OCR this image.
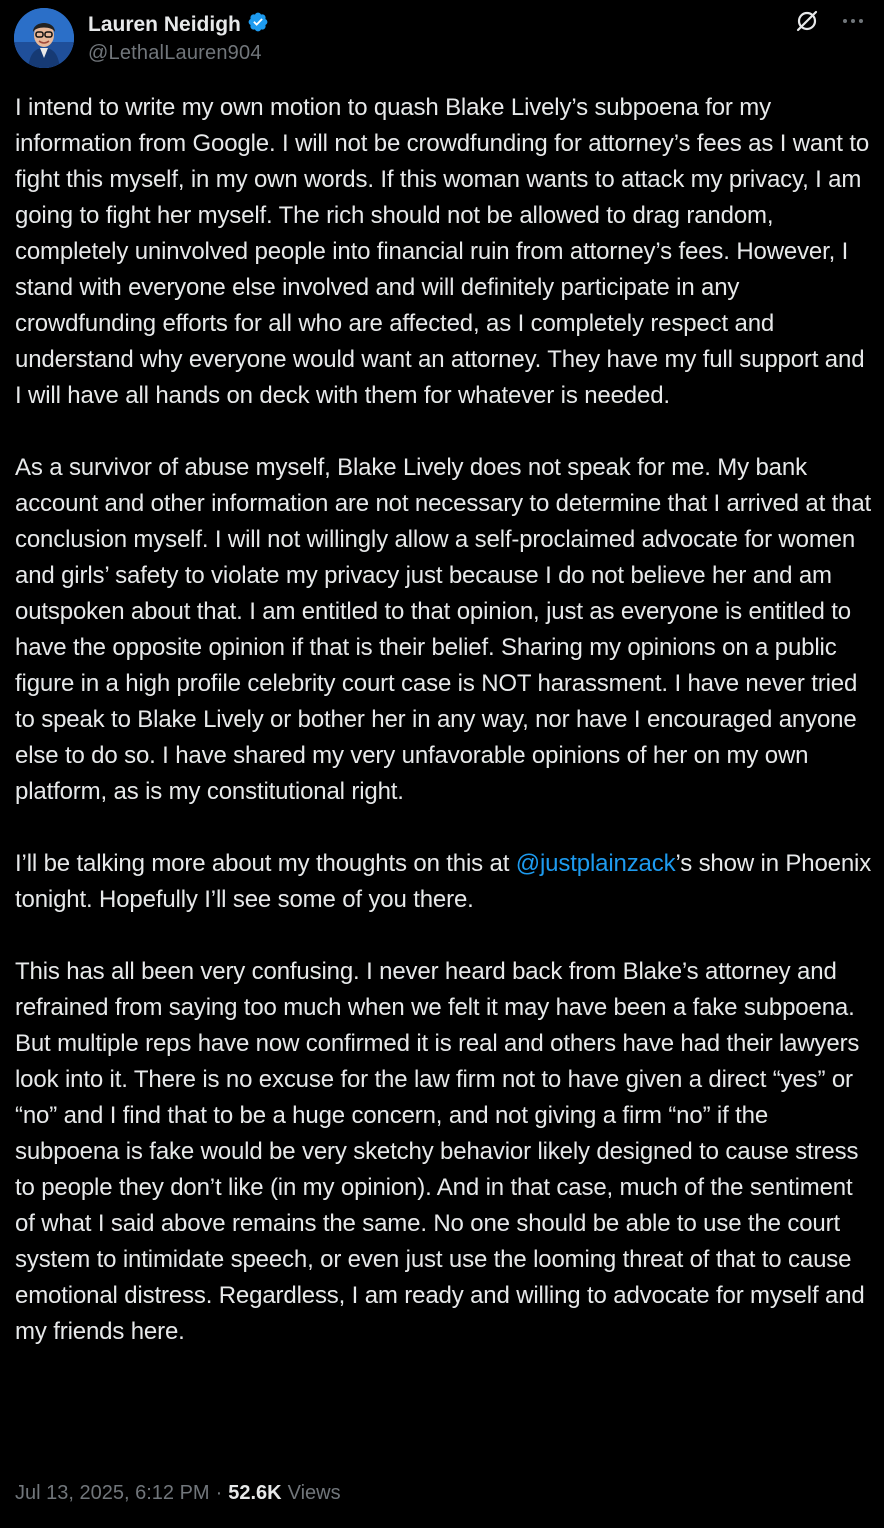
Lauren Neidigh
@LethalLauren904

I intend to write my own motion to quash Blake Lively’s subpoena for my information from Google. I will not be crowdfunding for attorney’s fees as I want to fight this myself, in my own words. If this woman wants to attack my privacy, I am going to fight her myself. The rich should not be allowed to drag random, completely uninvolved people into financial ruin from attorney’s fees. However, I stand with everyone else involved and will definitely participate in any crowdfunding efforts for all who are affected, as I completely respect and understand why everyone would want an attorney. They have my full support and I will have all hands on deck with them for whatever is needed.

As a survivor of abuse myself, Blake Lively does not speak for me. My bank account and other information are not necessary to determine that I arrived at that conclusion myself. I will not willingly allow a self-proclaimed advocate for women and girls’ safety to violate my privacy just because I do not believe her and am outspoken about that. I am entitled to that opinion, just as everyone is entitled to have the opposite opinion if that is their belief. Sharing my opinions on a public figure in a high profile celebrity court case is NOT harassment. I have never tried to speak to Blake Lively or bother her in any way, nor have I encouraged anyone else to do so. I have shared my very unfavorable opinions of her on my own platform, as is my constitutional right.

I’ll be talking more about my thoughts on this at @justplainzack’s show in Phoenix tonight. Hopefully I’ll see some of you there.

This has all been very confusing. I never heard back from Blake’s attorney and refrained from saying too much when we felt it may have been a fake subpoena. But multiple reps have now confirmed it is real and others have had their lawyers look into it. There is no excuse for the law firm not to have given a direct “yes” or “no” and I find that to be a huge concern, and not giving a firm “no” if the subpoena is fake would be very sketchy behavior likely designed to cause stress to people they don’t like (in my opinion). And in that case, much of the sentiment of what I said above remains the same. No one should be able to use the court system to intimidate speech, or even just use the looming threat of that to cause emotional distress. Regardless, I am ready and willing to advocate for myself and my friends here.

Jul 13, 2025, 6:12 PM · 52.6K Views
